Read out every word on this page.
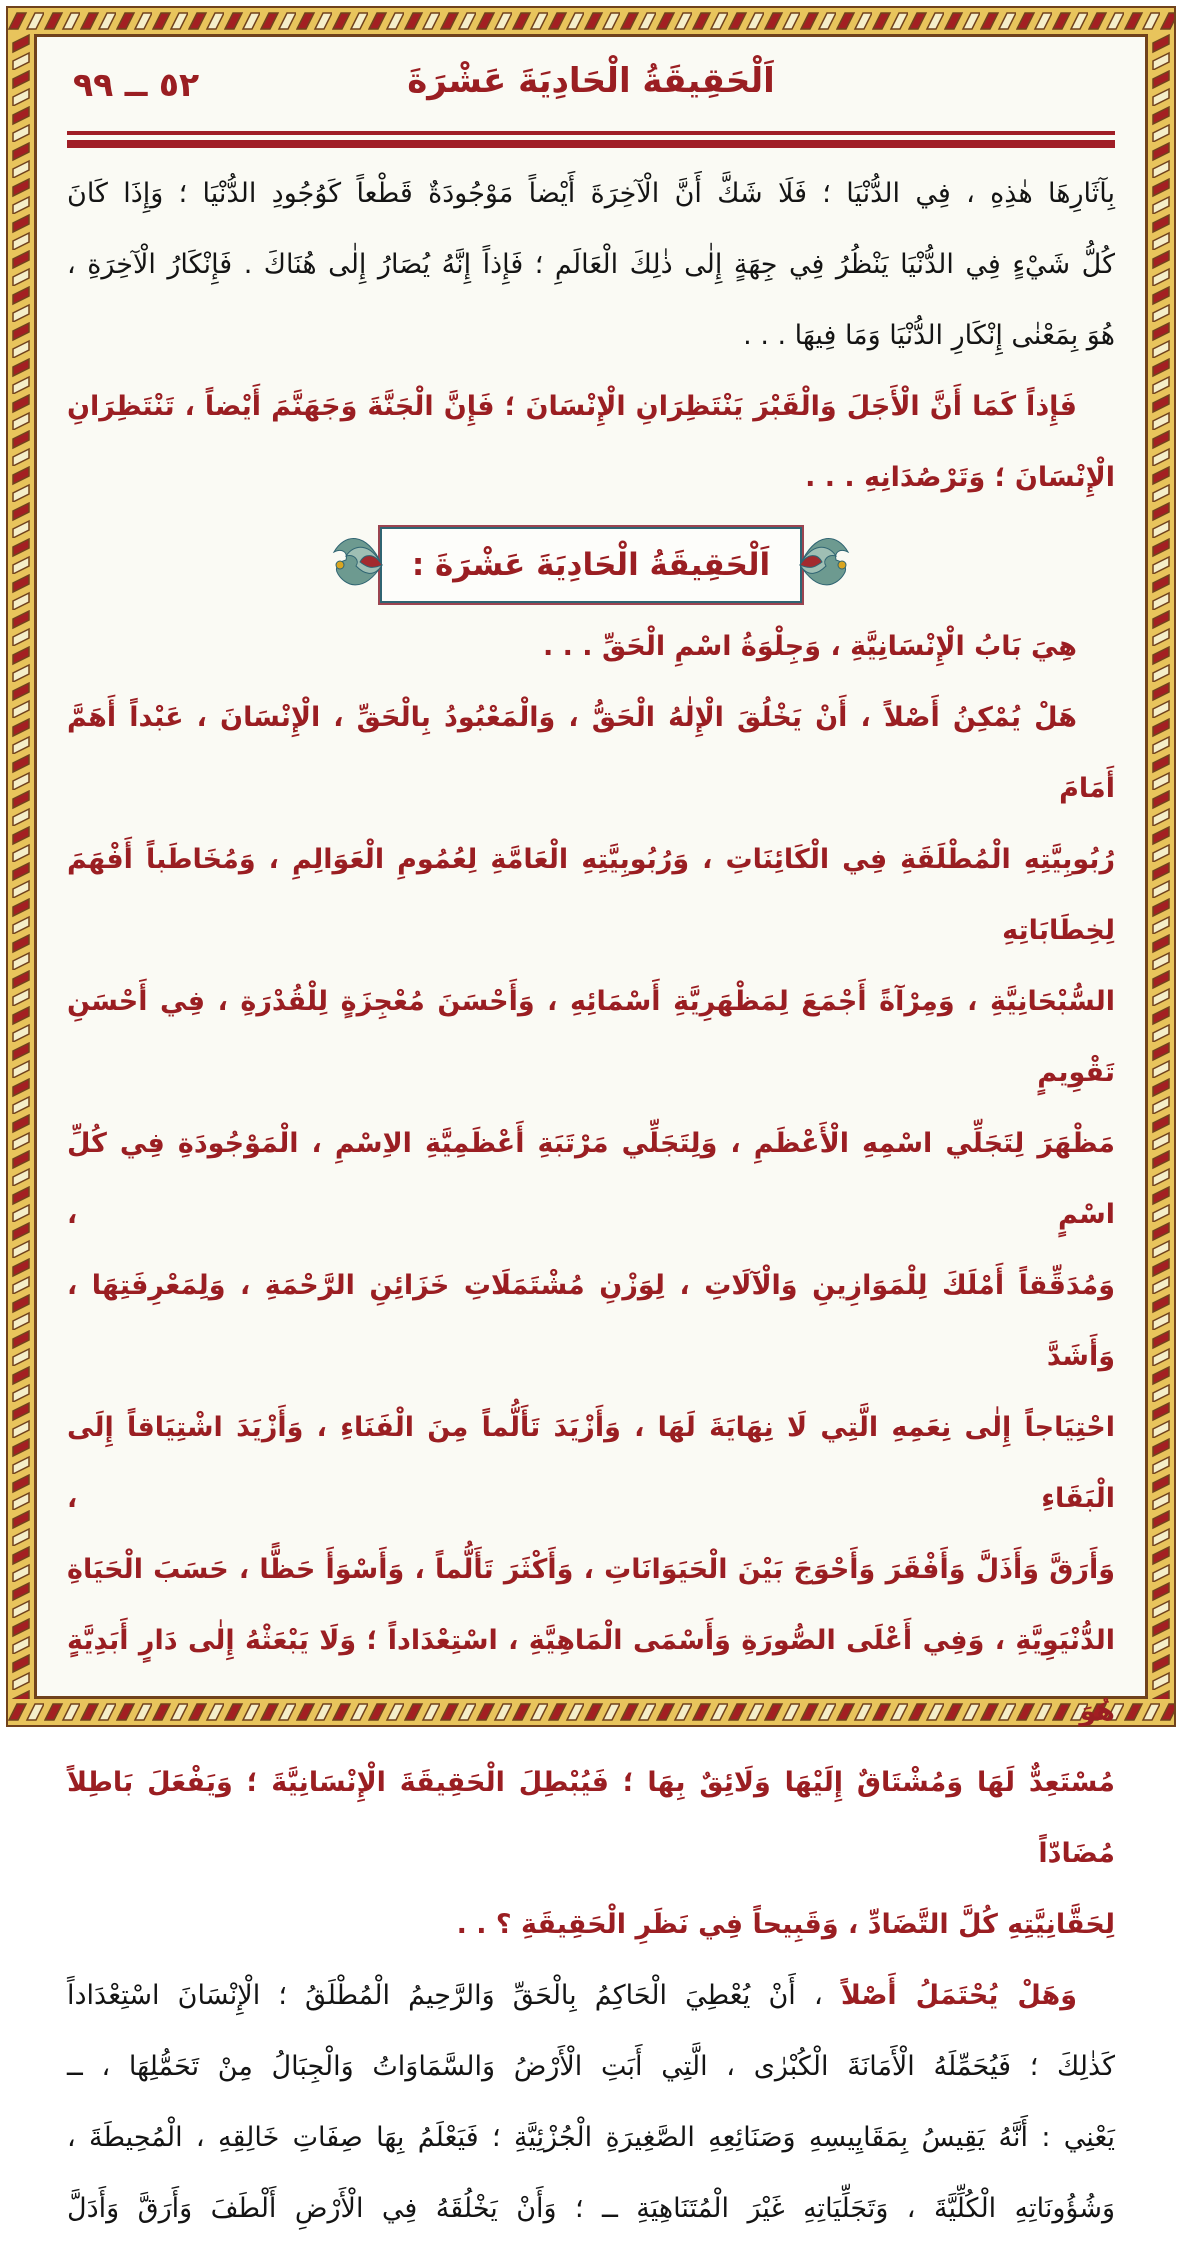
٥٢ ــ ٩٩	اَلْحَقِيقَةُ الْحَادِيَةَ عَشْرَةَ

بِآثَارِهَا هٰذِهِ ، فِي الدُّنْيَا ؛ فَلَا شَكَّ أَنَّ الْآخِرَةَ أَيْضاً مَوْجُودَةٌ قَطْعاً كَوُجُودِ الدُّنْيَا ؛ وَإِذَا كَانَ

كُلُّ شَيْءٍ فِي الدُّنْيَا يَنْظُرُ فِي جِهَةٍ إِلٰى ذٰلِكَ الْعَالَمِ ؛ فَإِذاً إِنَّهُ يُصَارُ إِلٰى هُنَاكَ . فَإِنْكَارُ الْآخِرَةِ ،

هُوَ بِمَعْنٰى إِنْكَارِ الدُّنْيَا وَمَا فِيهَا . . .

فَإِذاً كَمَا أَنَّ الْأَجَلَ وَالْقَبْرَ يَنْتَظِرَانِ الْإِنْسَانَ ؛ فَإِنَّ الْجَنَّةَ وَجَهَنَّمَ أَيْضاً ، تَنْتَظِرَانِ

الْإِنْسَانَ ؛ وَتَرْصُدَانِهِ . . .

اَلْحَقِيقَةُ الْحَادِيَةَ عَشْرَةَ :

هِيَ بَابُ الْإِنْسَانِيَّةِ ، وَجِلْوَةُ اسْمِ الْحَقِّ . . .

هَلْ يُمْكِنُ أَصْلاً ، أَنْ يَخْلُقَ الْإِلٰهُ الْحَقُّ ، وَالْمَعْبُودُ بِالْحَقِّ ، الْإِنْسَانَ ، عَبْداً أَهَمَّ أَمَامَ

رُبُوبِيَّتِهِ الْمُطْلَقَةِ فِي الْكَائِنَاتِ ، وَرُبُوبِيَّتِهِ الْعَامَّةِ لِعُمُومِ الْعَوَالِمِ ، وَمُخَاطَباً أَفْهَمَ لِخِطَابَاتِهِ

السُّبْحَانِيَّةِ ، وَمِرْآةً أَجْمَعَ لِمَظْهَرِيَّةِ أَسْمَائِهِ ، وَأَحْسَنَ مُعْجِزَةٍ لِلْقُدْرَةِ ، فِي أَحْسَنِ تَقْوِيمٍ

مَظْهَرَ لِتَجَلِّي اسْمِهِ الْأَعْظَمِ ، وَلِتَجَلِّي مَرْتَبَةِ أَعْظَمِيَّةِ الاِسْمِ ، الْمَوْجُودَةِ فِي كُلِّ اسْمٍ ،

وَمُدَقِّقاً أَمْلَكَ لِلْمَوَازِينِ وَالْآلَاتِ ، لِوَزْنِ مُشْتَمَلَاتِ خَزَائِنِ الرَّحْمَةِ ، وَلِمَعْرِفَتِهَا ، وَأَشَدَّ

احْتِيَاجاً إِلٰى نِعَمِهِ الَّتِي لَا نِهَايَةَ لَهَا ، وَأَزْيَدَ تَأَلُّماً مِنَ الْفَنَاءِ ، وَأَزْيَدَ اشْتِيَاقاً إِلَى الْبَقَاءِ ،

وَأَرَقَّ وَأَذَلَّ وَأَفْقَرَ وَأَحْوَجَ بَيْنَ الْحَيَوَانَاتِ ، وَأَكْثَرَ تَأَلُّماً ، وَأَسْوَأَ حَظًّا ، حَسَبَ الْحَيَاةِ

الدُّنْيَوِيَّةِ ، وَفِي أَعْلَى الصُّورَةِ وَأَسْمَى الْمَاهِيَّةِ ، اسْتِعْدَاداً ؛ وَلَا يَبْعَثْهُ إِلٰى دَارٍ أَبَدِيَّةٍ هُوَ

مُسْتَعِدٌّ لَهَا وَمُشْتَاقٌ إِلَيْهَا وَلَائِقٌ بِهَا ؛ فَيُبْطِلَ الْحَقِيقَةَ الْإِنْسَانِيَّةَ ؛ وَيَفْعَلَ بَاطِلاً مُضَادّاً

لِحَقَّانِيَّتِهِ كُلَّ التَّضَادِّ ، وَقَبِيحاً فِي نَظَرِ الْحَقِيقَةِ ؟ . .

وَهَلْ يُحْتَمَلُ أَصْلاً ، أَنْ يُعْطِيَ الْحَاكِمُ بِالْحَقِّ وَالرَّحِيمُ الْمُطْلَقُ ؛ الْإِنْسَانَ اسْتِعْدَاداً

كَذٰلِكَ ؛ فَيُحَمِّلَهُ الْأَمَانَةَ الْكُبْرٰى ، الَّتِي أَبَتِ الْأَرْضُ وَالسَّمَاوَاتُ وَالْجِبَالُ مِنْ تَحَمُّلِهَا ، ــ

يَعْنِي : أَنَّهُ يَقِيسُ بِمَقَايِيسِهِ وَصَنَائِعِهِ الصَّغِيرَةِ الْجُزْئِيَّةِ ؛ فَيَعْلَمُ بِهَا صِفَاتِ خَالِقِهِ ، الْمُحِيطَةَ ،

وَشُؤُونَاتِهِ الْكُلِّيَّةَ ، وَتَجَلِّيَاتِهِ غَيْرَ الْمُتَنَاهِيَةِ ــ ؛ وَأَنْ يَخْلُقَهُ فِي الْأَرْضِ أَلْطَفَ وَأَرَقَّ وَأَدَلَّ
